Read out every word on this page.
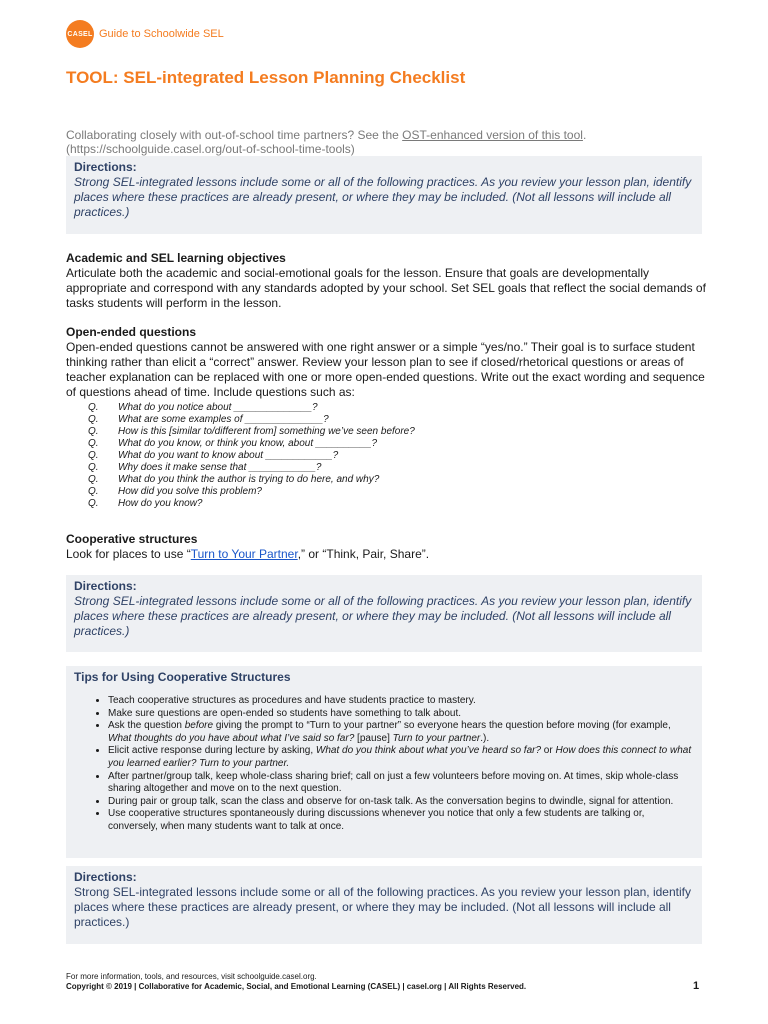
CASEL Guide to Schoolwide SEL
TOOL: SEL-integrated Lesson Planning Checklist
Collaborating closely with out-of-school time partners? See the OST-enhanced version of this tool.
(https://schoolguide.casel.org/out-of-school-time-tools)
Directions:
Strong SEL-integrated lessons include some or all of the following practices. As you review your lesson plan, identify places where these practices are already present, or where they may be included. (Not all lessons will include all practices.)
Academic and SEL learning objectives
Articulate both the academic and social-emotional goals for the lesson. Ensure that goals are developmentally appropriate and correspond with any standards adopted by your school. Set SEL goals that reflect the social demands of tasks students will perform in the lesson.
Open-ended questions
Open-ended questions cannot be answered with one right answer or a simple “yes/no.” Their goal is to surface student thinking rather than elicit a “correct” answer. Review your lesson plan to see if closed/rhetorical questions or areas of teacher explanation can be replaced with one or more open-ended questions. Write out the exact wording and sequence of questions ahead of time. Include questions such as:
Q.	What do you notice about ______________?
Q.	What are some examples of ______________?
Q.	How is this [similar to/different from] something we’ve seen before?
Q.	What do you know, or think you know, about __________?
Q.	What do you want to know about ____________?
Q.	Why does it make sense that ____________?
Q.	What do you think the author is trying to do here, and why?
Q.	How did you solve this problem?
Q.	How do you know?
Cooperative structures
Look for places to use “Turn to Your Partner,” or “Think, Pair, Share”.
Directions:
Strong SEL-integrated lessons include some or all of the following practices. As you review your lesson plan, identify places where these practices are already present, or where they may be included. (Not all lessons will include all practices.)
Tips for Using Cooperative Structures
• Teach cooperative structures as procedures and have students practice to mastery.
• Make sure questions are open-ended so students have something to talk about.
• Ask the question before giving the prompt to “Turn to your partner” so everyone hears the question before moving (for example, What thoughts do you have about what I’ve said so far? [pause] Turn to your partner.).
• Elicit active response during lecture by asking, What do you think about what you’ve heard so far? or How does this connect to what you learned earlier? Turn to your partner.
• After partner/group talk, keep whole-class sharing brief; call on just a few volunteers before moving on. At times, skip whole-class sharing altogether and move on to the next question.
• During pair or group talk, scan the class and observe for on-task talk. As the conversation begins to dwindle, signal for attention.
• Use cooperative structures spontaneously during discussions whenever you notice that only a few students are talking or, conversely, when many students want to talk at once.
Directions:
Strong SEL-integrated lessons include some or all of the following practices. As you review your lesson plan, identify places where these practices are already present, or where they may be included. (Not all lessons will include all practices.)
For more information, tools, and resources, visit schoolguide.casel.org.
Copyright © 2019 | Collaborative for Academic, Social, and Emotional Learning (CASEL) | casel.org | All Rights Reserved.	1
